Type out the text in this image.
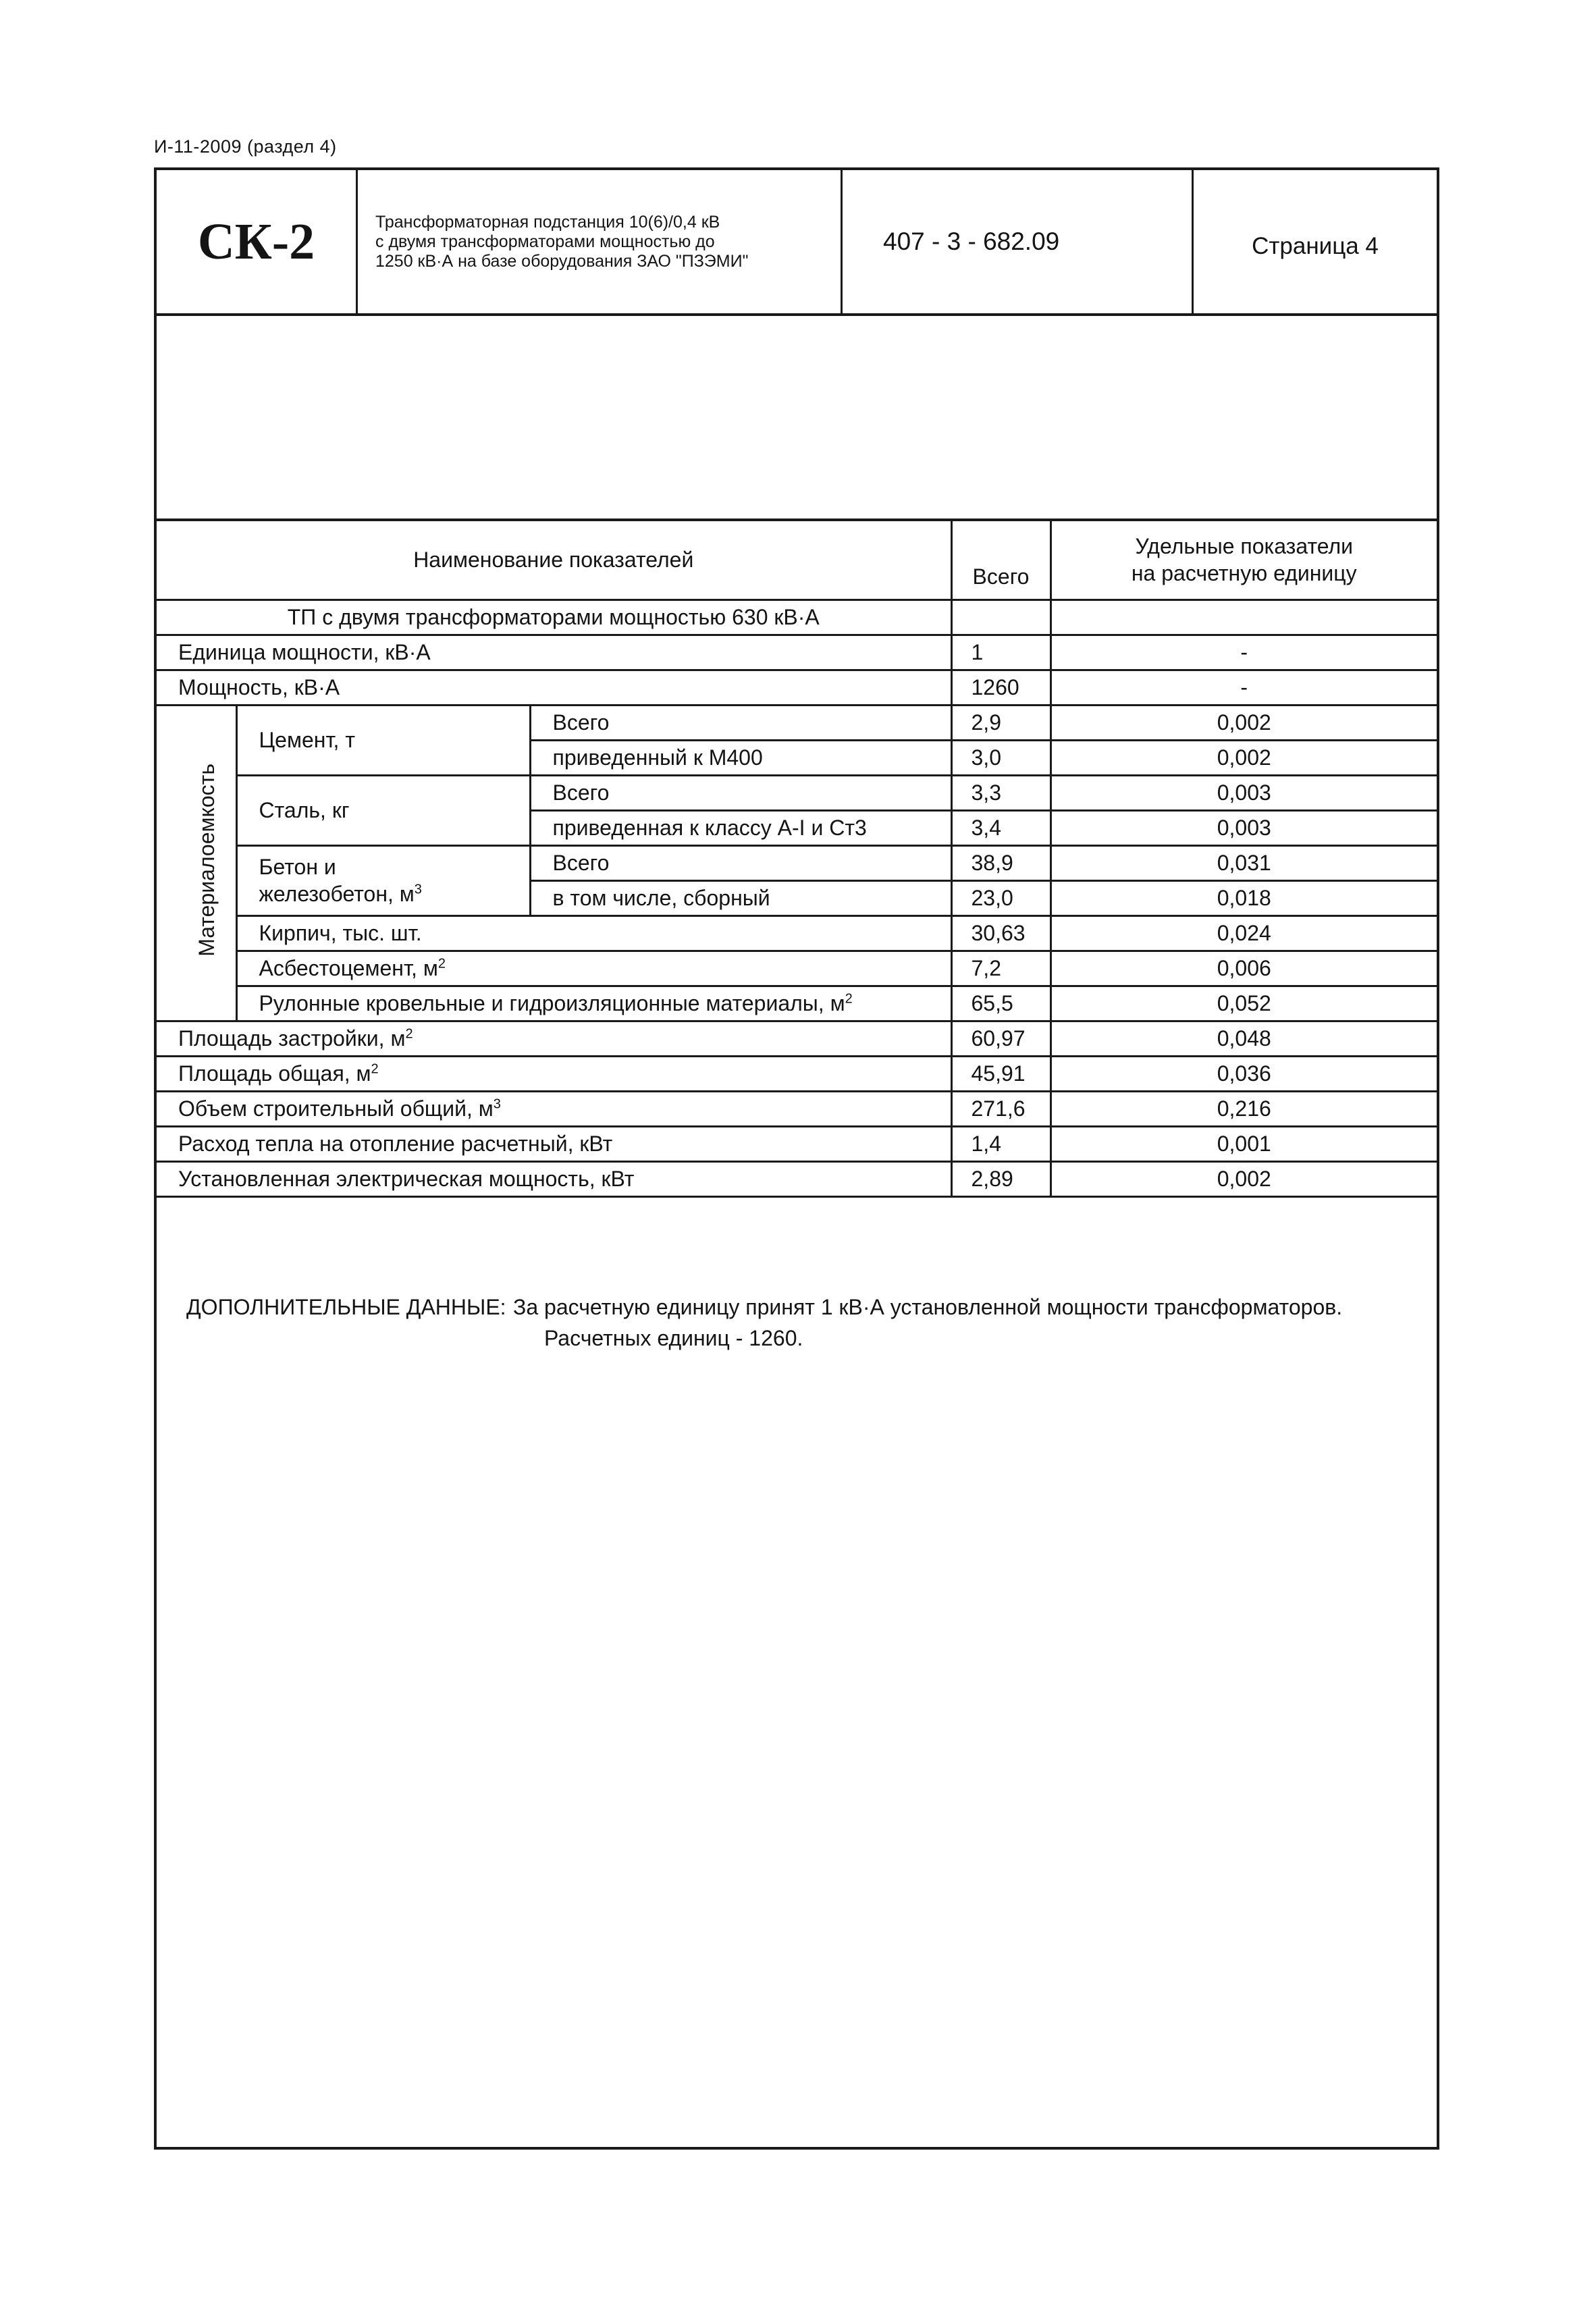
И-11-2009 (раздел 4)
СК-2	Трансформаторная подстанция 10(6)/0,4 кВ
с двумя трансформаторами мощностью до
1250 кВ·А на базе оборудования ЗАО "ПЗЭМИ"
407 - 3 - 682.09	Страница 4
Наименование показателей			Всего	Удельные показатели
на расчетную единицу

ТП с двумя трансформаторами мощностью 630 кВ·А				
Единица мощности, кВ·А			1	-
Мощность, кВ·А			1260	-
Материалоемкость	Цемент, т	Всего	2,9	0,002
		приведенный к М400	3,0	0,002
	Сталь, кг	Всего	3,3	0,003
		приведенная к классу А-I и Ст3	3,4	0,003

	Бетон и
железобетон, $м^3$	Всего	38,9	0,031
		в том числе, сборный	23,0	0,018
	Кирпич, тыс. шт.		30,63	0,024
	Асбестоцемент, $м^2$		7,2	0,006
	Рулонные кровельные и гидроизляционные материалы, $м^2$		65,5	0,052
Площадь застройки, $м^2$			60,97	0,048
Площадь общая, $м^2$			45,91	0,036
Объем строительный общий, $м^3$			271,6	0,216
Расход тепла на отопление расчетный, кВт			1,4	0,001
Установленная электрическая мощность, кВт			2,89	0,002
ДОПОЛНИТЕЛЬНЫЕ ДАННЫЕ: За расчетную единицу принят 1 кВ·А установленной мощности трансформаторов.
Расчетных единиц - 1260.
